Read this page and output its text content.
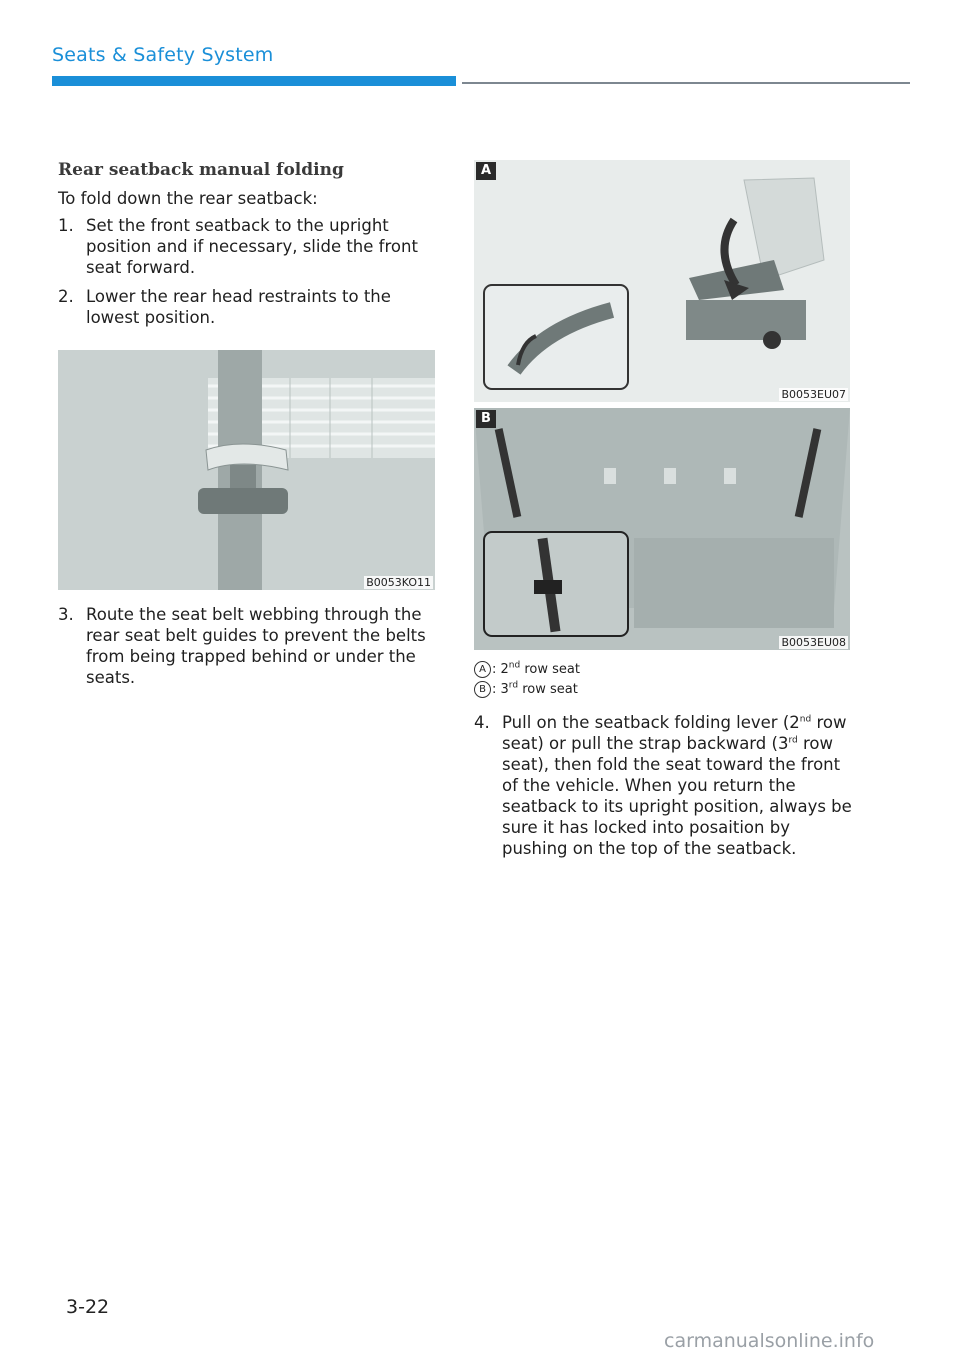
Seats & Safety System
Rear seatback manual folding

To fold down the rear seatback:

1. Set the front seatback to the upright position and if necessary, slide the front seat forward.
2. Lower the rear head restraints to the lowest position.
B0053KO11
3. Route the seat belt webbing through the rear seat belt guides to prevent the belts from being trapped behind or under the seats.
A
B0053EU07
B
B0053EU08
A : 2nd row seat
B : 3rd row seat
4. Pull on the seatback folding lever (2nd row seat) or pull the strap backward (3rd row seat), then fold the seat toward the front of the vehicle. When you return the seatback to its upright position, always be sure it has locked into posaition by pushing on the top of the seatback.
3-22
carmanualsonline.info
